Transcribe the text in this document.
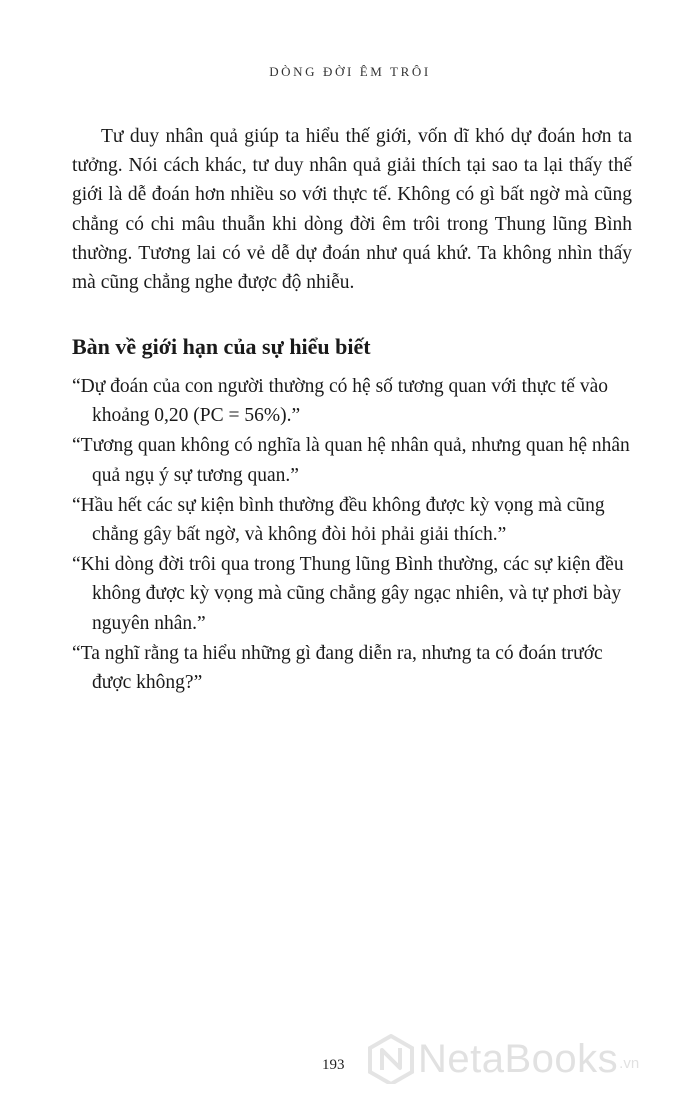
DÒNG ĐỜI ÊM TRÔI

Tư duy nhân quả giúp ta hiểu thế giới, vốn dĩ khó dự đoán hơn ta tưởng. Nói cách khác, tư duy nhân quả giải thích tại sao ta lại thấy thế giới là dễ đoán hơn nhiều so với thực tế. Không có gì bất ngờ mà cũng chẳng có chi mâu thuẫn khi dòng đời êm trôi trong Thung lũng Bình thường. Tương lai có vẻ dễ dự đoán như quá khứ. Ta không nhìn thấy mà cũng chẳng nghe được độ nhiễu.

Bàn về giới hạn của sự hiểu biết
“Dự đoán của con người thường có hệ số tương quan với thực tế vào khoảng 0,20 (PC = 56%).”
“Tương quan không có nghĩa là quan hệ nhân quả, nhưng quan hệ nhân quả ngụ ý sự tương quan.”
“Hầu hết các sự kiện bình thường đều không được kỳ vọng mà cũng chẳng gây bất ngờ, và không đòi hỏi phải giải thích.”
“Khi dòng đời trôi qua trong Thung lũng Bình thường, các sự kiện đều không được kỳ vọng mà cũng chẳng gây ngạc nhiên, và tự phơi bày nguyên nhân.”
“Ta nghĩ rằng ta hiểu những gì đang diễn ra, nhưng ta có đoán trước được không?”
193 NetaBooks .vn
